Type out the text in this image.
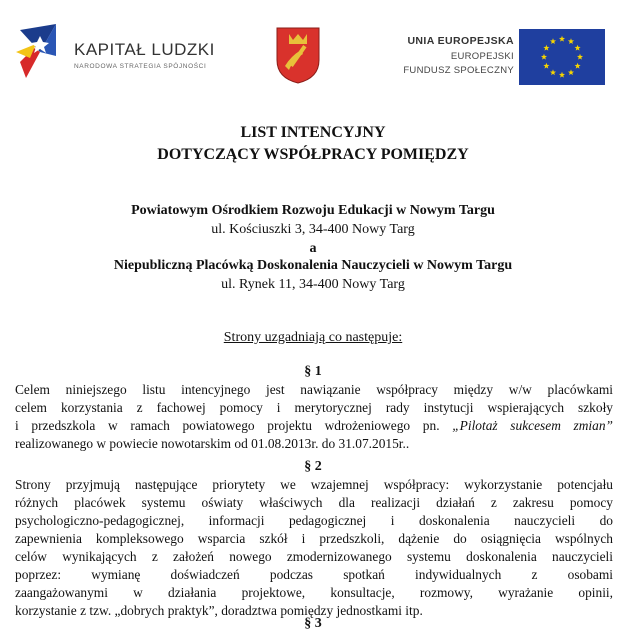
KAPITAŁ LUDZKI
NARODOWA STRATEGIA SPÓJNOŚCI
UNIA EUROPEJSKA
EUROPEJSKI
FUNDUSZ SPOŁECZNY
LIST INTENCYJNY
DOTYCZĄCY WSPÓŁPRACY POMIĘDZY
Powiatowym Ośrodkiem Rozwoju Edukacji w Nowym Targu
ul. Kościuszki 3, 34-400 Nowy Targ
a
Niepubliczną Placówką Doskonalenia Nauczycieli w Nowym Targu
ul. Rynek 11, 34-400 Nowy Targ
Strony uzgadniają co następuje:
§ 1
Celem niniejszego listu intencyjnego jest nawiązanie współpracy między w/w placówkami
celem korzystania z fachowej pomocy i merytorycznej rady instytucji wspierających szkoły
i przedszkola w ramach powiatowego projektu wdrożeniowego pn. „Pilotaż sukcesem zmian”
realizowanego w powiecie nowotarskim od 01.08.2013r. do 31.07.2015r..
§ 2
Strony przyjmują następujące priorytety we wzajemnej współpracy: wykorzystanie potencjału
różnych placówek systemu oświaty właściwych dla realizacji działań z zakresu pomocy
psychologiczno-pedagogicznej, informacji pedagogicznej i doskonalenia nauczycieli do
zapewnienia kompleksowego wsparcia szkół i przedszkoli, dążenie do osiągnięcia wspólnych
celów wynikających z założeń nowego zmodernizowanego systemu doskonalenia nauczycieli
poprzez: wymianę doświadczeń podczas spotkań indywidualnych z osobami
zaangażowanymi w działania projektowe, konsultacje, rozmowy, wyrażanie opinii,
korzystanie z tzw. „dobrych praktyk”, doradztwa pomiędzy jednostkami itp.
§ 3
